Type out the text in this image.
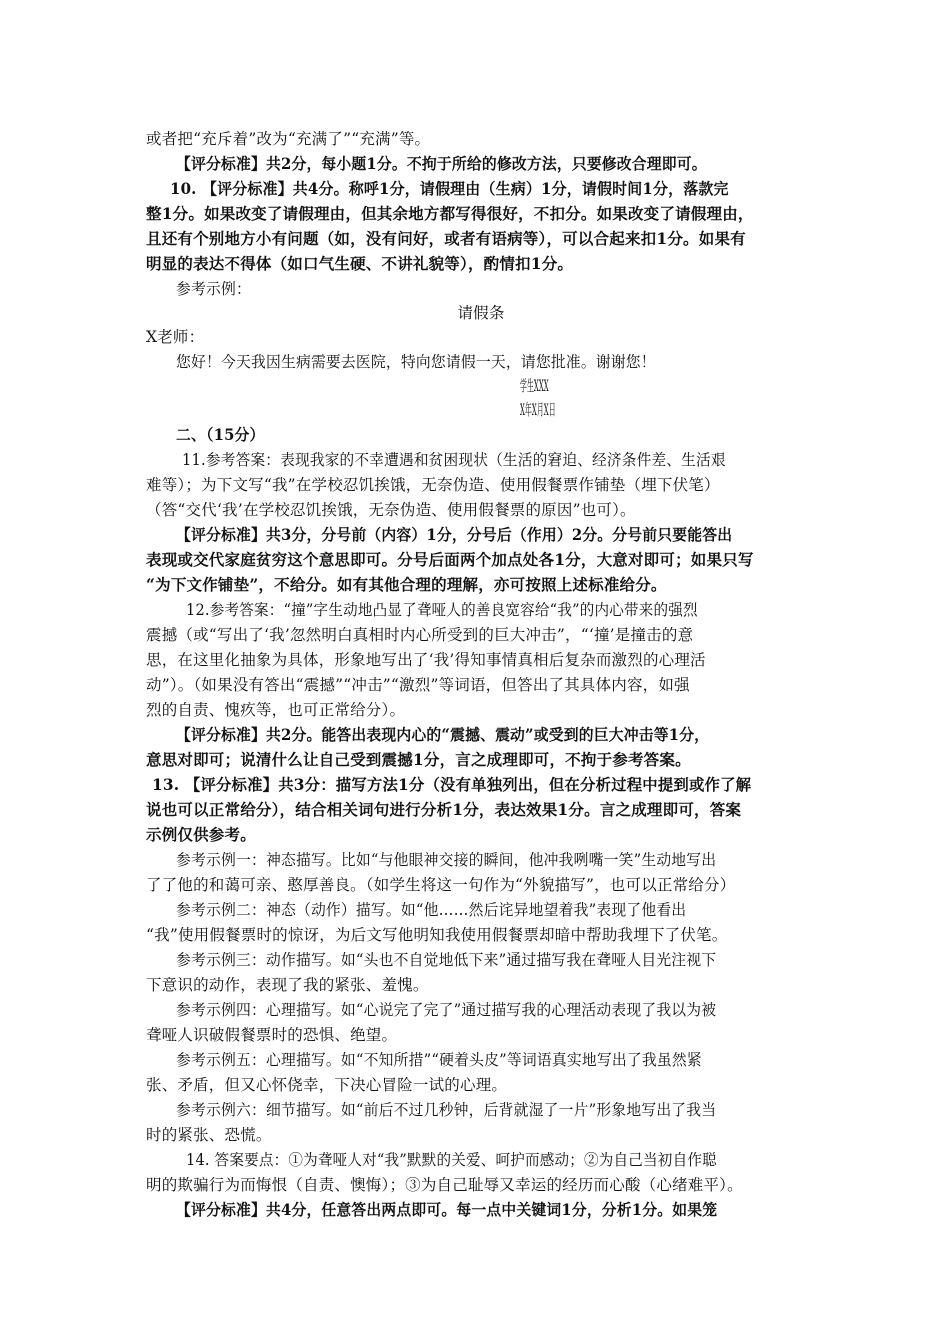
或者把“充斥着”改为“充满了”“充满”等。
【评分标准】共2分，每小题1分。不拘于所给的修改方法，只要修改合理即可。
10. 【评分标准】共4分。称呼1分，请假理由（生病）1分，请假时间1分，落款完
整1分。如果改变了请假理由，但其余地方都写得很好，不扣分。如果改变了请假理由，
且还有个别地方小有问题（如，没有问好，或者有语病等），可以合起来扣1分。如果有
明显的表达不得体（如口气生硬、不讲礼貌等），酌情扣1分。
参考示例：
请假条
X老师：
您好！今天我因生病需要去医院，特向您请假一天，请您批准。谢谢您！
学生XXX
X年X月X日
二、（15分）
11.参考答案：表现我家的不幸遭遇和贫困现状（生活的窘迫、经济条件差、生活艰
难等）；为下文写“我”在学校忍饥挨饿，无奈伪造、使用假餐票作铺垫（埋下伏笔）
（答“交代‘我’在学校忍饥挨饿，无奈伪造、使用假餐票的原因”也可）。
【评分标准】共3分，分号前（内容）1分，分号后（作用）2分。分号前只要能答出
表现或交代家庭贫穷这个意思即可。分号后面两个加点处各1分，大意对即可；如果只写
“为下文作铺垫”，不给分。如有其他合理的理解，亦可按照上述标准给分。
12.参考答案：“撞”字生动地凸显了聋哑人的善良宽容给“我”的内心带来的强烈
震撼（或“写出了‘我’忽然明白真相时内心所受到的巨大冲击”，“‘撞’是撞击的意
思，在这里化抽象为具体，形象地写出了‘我’得知事情真相后复杂而激烈的心理活
动”）。（如果没有答出“震撼”“冲击”“激烈”等词语，但答出了其具体内容，如强
烈的自责、愧疚等，也可正常给分）。
【评分标准】共2分。能答出表现内心的“震撼、震动”或受到的巨大冲击等1分，
意思对即可；说清什么让自己受到震撼1分，言之成理即可，不拘于参考答案。
13. 【评分标准】共3分：描写方法1分（没有单独列出，但在分析过程中提到或作了解
说也可以正常给分），结合相关词句进行分析1分，表达效果1分。言之成理即可，答案
示例仅供参考。
参考示例一：神态描写。比如“与他眼神交接的瞬间，他冲我咧嘴一笑”生动地写出
了了他的和蔼可亲、憨厚善良。（如学生将这一句作为“外貌描写”，也可以正常给分）
参考示例二：神态（动作）描写。如“他……然后诧异地望着我”表现了他看出
“我”使用假餐票时的惊讶，为后文写他明知我使用假餐票却暗中帮助我埋下了伏笔。
参考示例三：动作描写。如“头也不自觉地低下来”通过描写我在聋哑人目光注视下
下意识的动作，表现了我的紧张、羞愧。
参考示例四：心理描写。如“心说完了完了”通过描写我的心理活动表现了我以为被
聋哑人识破假餐票时的恐惧、绝望。
参考示例五：心理描写。如“不知所措”“硬着头皮”等词语真实地写出了我虽然紧
张、矛盾，但又心怀侥幸，下决心冒险一试的心理。
参考示例六：细节描写。如“前后不过几秒钟，后背就湿了一片”形象地写出了我当
时的紧张、恐慌。
14. 答案要点：①为聋哑人对“我”默默的关爱、呵护而感动；②为自己当初自作聪
明的欺骗行为而悔恨（自责、懊悔）；③为自己耻辱又幸运的经历而心酸（心绪难平）。
【评分标准】共4分，任意答出两点即可。每一点中关键词1分，分析1分。如果笼
